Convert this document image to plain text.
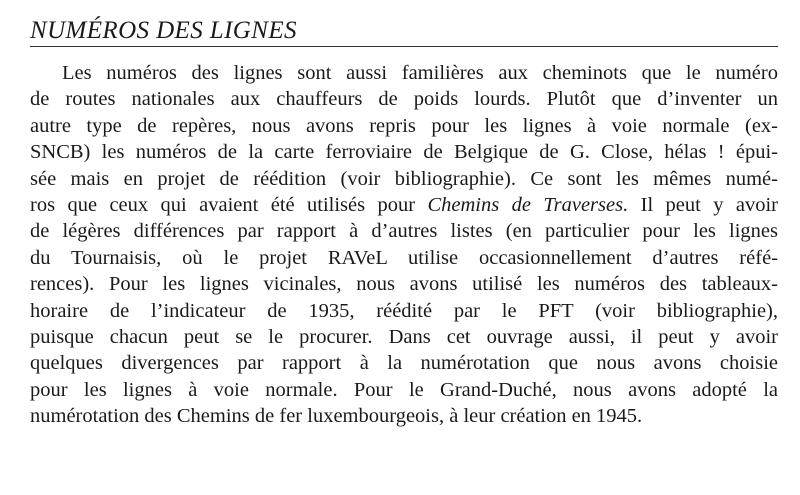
NUMÉROS DES LIGNES
Les numéros des lignes sont aussi familières aux cheminots que le numéro
de routes nationales aux chauffeurs de poids lourds. Plutôt que d’inventer un
autre type de repères, nous avons repris pour les lignes à voie normale (ex-
SNCB) les numéros de la carte ferroviaire de Belgique de G. Close, hélas ! épui-
sée mais en projet de réédition (voir bibliographie). Ce sont les mêmes numé-
ros que ceux qui avaient été utilisés pour Chemins de Traverses. Il peut y avoir
de légères différences par rapport à d’autres listes (en particulier pour les lignes
du Tournaisis, où le projet RAVeL utilise occasionnellement d’autres réfé-
rences). Pour les lignes vicinales, nous avons utilisé les numéros des tableaux-
horaire de l’indicateur de 1935, réédité par le PFT (voir bibliographie),
puisque chacun peut se le procurer. Dans cet ouvrage aussi, il peut y avoir
quelques divergences par rapport à la numérotation que nous avons choisie
pour les lignes à voie normale. Pour le Grand-Duché, nous avons adopté la
numérotation des Chemins de fer luxembourgeois, à leur création en 1945.
